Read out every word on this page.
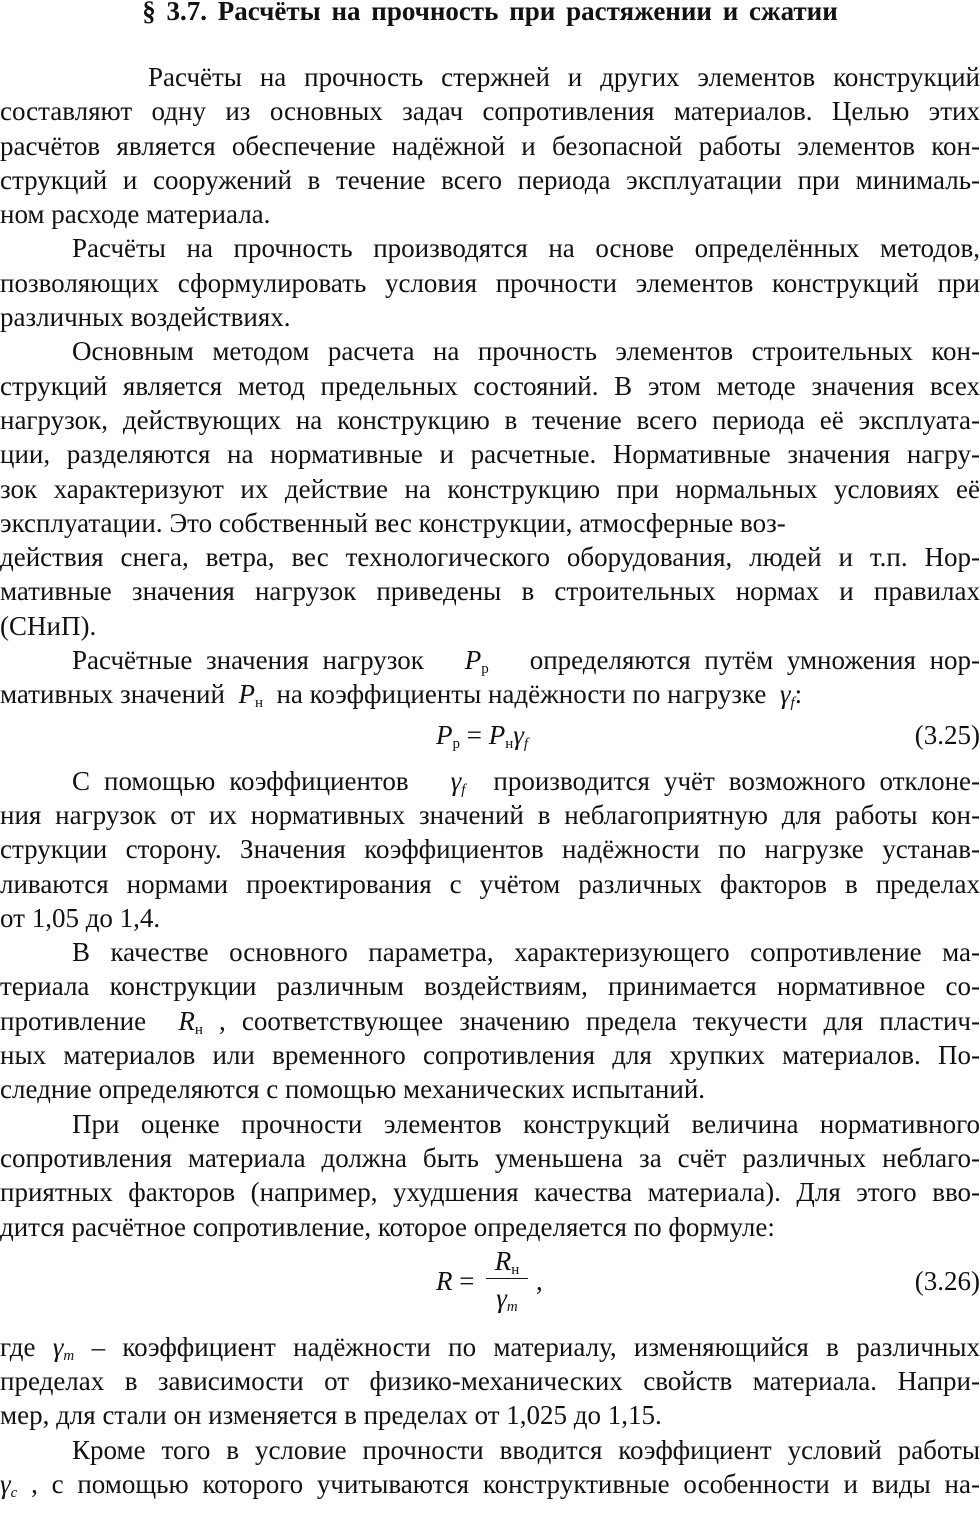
§ 3.7. Расчёты на прочность при растяжении и сжатии
Расчёты на прочность стержней и других элементов конструкций
составляют одну из основных задач сопротивления материалов. Целью этих
расчётов является обеспечение надёжной и безопасной работы элементов кон-
струкций и сооружений в течение всего периода эксплуатации при минималь-
ном расходе материала.
Расчёты на прочность производятся на основе определённых методов,
позволяющих сформулировать условия прочности элементов конструкций при
различных воздействиях.
Основным методом расчета на прочность элементов строительных кон-
струкций является метод предельных состояний. В этом методе значения всех
нагрузок, действующих на конструкцию в течение всего периода её эксплуата-
ции, разделяются на нормативные и расчетные. Нормативные значения нагру-
зок характеризуют их действие на конструкцию при нормальных условиях её
эксплуатации. Это собственный вес конструкции, атмосферные воз-
действия снега, ветра, вес технологического оборудования, людей и т.п. Нор-
мативные значения нагрузок приведены в строительных нормах и правилах
(СНиП).
Расчётные значения нагрузок $P_р$ определяются путём умножения нор-
мативных значений $P_н$ на коэффициенты надёжности по нагрузке $\gamma_f$:
$P_р = P_н\gamma_f$	(3.25)
С помощью коэффициентов $\gamma_f$ производится учёт возможного отклоне-
ния нагрузок от их нормативных значений в неблагоприятную для работы кон-
струкции сторону. Значения коэффициентов надёжности по нагрузке устанав-
ливаются нормами проектирования с учётом различных факторов в пределах
от 1,05 до 1,4.
В качестве основного параметра, характеризующего сопротивление ма-
териала конструкции различным воздействиям, принимается нормативное со-
противление $R_н$ , соответствующее значению предела текучести для пластич-
ных материалов или временного сопротивления для хрупких материалов. По-
следние определяются с помощью механических испытаний.
При оценке прочности элементов конструкций величина нормативного
сопротивления материала должна быть уменьшена за счёт различных неблаго-
приятных факторов (например, ухудшения качества материала). Для этого вво-
дится расчётное сопротивление, которое определяется по формуле:
R =
$R_н$
$\gamma_m$
,	(3.26)
где $\gamma_m$ – коэффициент надёжности по материалу, изменяющийся в различных
пределах в зависимости от физико-механических свойств материала. Напри-
мер, для стали он изменяется в пределах от 1,025 до 1,15.
Кроме того в условие прочности вводится коэффициент условий работы
$\gamma_c$ , с помощью которого учитываются конструктивные особенности и виды на-
